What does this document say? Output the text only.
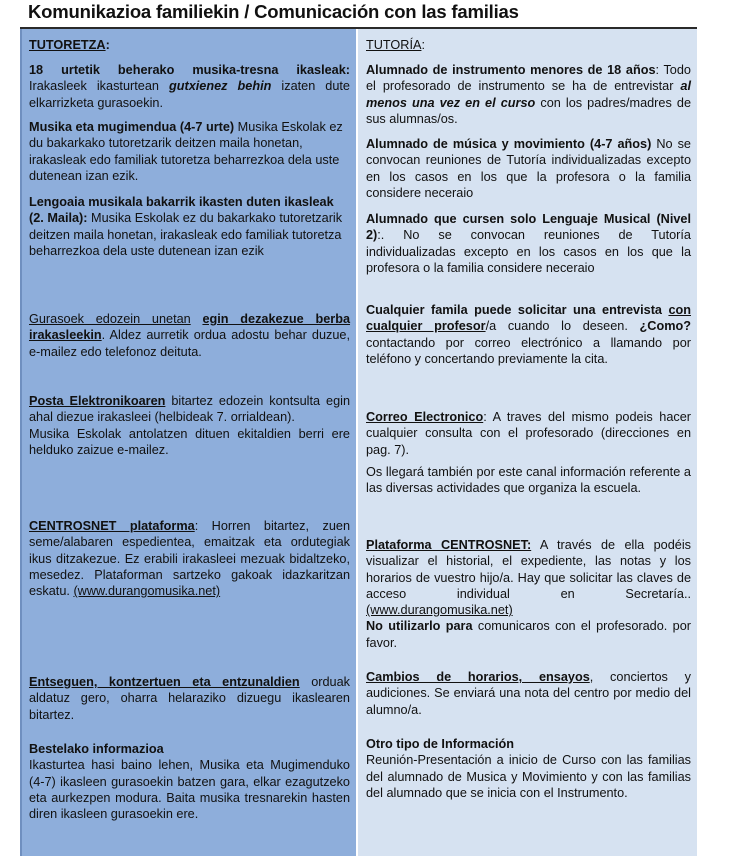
Komunikazioa familiekin / Comunicación con las familias
TUTORETZA:
18 urtetik beherako musika-tresna ikasleak: Irakasleek ikasturtean gutxienez behin izaten dute elkarrizketa gurasoekin.
Musika eta mugimendua (4-7 urte) Musika Eskolak ez du bakarkako tutoretzarik deitzen maila honetan, irakasleak edo familiak tutoretza beharrezkoa dela uste dutenean izan ezik.
Lengoaia musikala bakarrik ikasten duten ikasleak (2. Maila): Musika Eskolak ez du bakarkako tutoretzarik deitzen maila honetan, irakasleak edo familiak tutoretza beharrezkoa dela uste dutenean izan ezik
Gurasoek edozein unetan egin dezakezue berba irakasleekin. Aldez aurretik ordua adostu behar duzue, e-mailez edo telefonoz deituta.

Posta Elektronikoaren bitartez edozein kontsulta egin ahal diezue irakasleei (helbideak 7. orrialdean).

Musika Eskolak antolatzen dituen ekitaldien berri ere helduko zaizue e-mailez.

CENTROSNET plataforma: Horren bitartez, zuen seme/alabaren espedientea, emaitzak eta ordutegiak ikus ditzakezue. Ez erabili irakasleei mezuak bidaltzeko, mesedez. Plataforman sartzeko gakoak idazkaritzan eskatu. (www.durangomusika.net)
Entseguen, kontzertuen eta entzunaldien orduak aldatuz gero, oharra helaraziko dizuegu ikaslearen bitartez.

Bestelako informazioa

Ikasturtea hasi baino lehen, Musika eta Mugimenduko (4-7) ikasleen gurasoekin batzen gara, elkar ezagutzeko eta aurkezpen modura. Baita musika tresnarekin hasten diren ikasleen gurasoekin ere.

TUTORÍA:
Alumnado de instrumento menores de 18 años: Todo el profesorado de instrumento se ha de entrevistar al menos una vez en el curso con los padres/madres de sus alumnas/os.
Alumnado de música y movimiento (4-7 años) No se convocan reuniones de Tutoría individualizadas excepto en los casos en los que la profesora o la familia considere neceraio
Alumnado que cursen solo Lenguaje Musical (Nivel 2):. No se convocan reuniones de Tutoría individualizadas excepto en los casos en los que la profesora o la familia considere neceraio
Cualquier famila puede solicitar una entrevista con cualquier profesor/a cuando lo deseen. ¿Como? contactando por correo electrónico a llamando por teléfono y concertando previamente la cita.

Correo Electronico: A traves del mismo podeis hacer cualquier consulta con el profesorado (direcciones en pag. 7).

Os llegará también por este canal información referente a las diversas actividades que organiza la escuela.

Plataforma CENTROSNET: A través de ella podéis visualizar el historial, el expediente, las notas y los horarios de vuestro hijo/a. Hay que solicitar las claves de acceso individual en Secretaría.. (www.durangomusika.net)

No utilizarlo para comunicaros con el profesorado. por favor.

Cambios de horarios, ensayos, conciertos y audiciones. Se enviará una nota del centro por medio del alumno/a.

Otro tipo de Información

Reunión-Presentación a inicio de Curso con las familias del alumnado de Musica y Movimiento y con las familias del alumnado que se inicia con el Instrumento.
